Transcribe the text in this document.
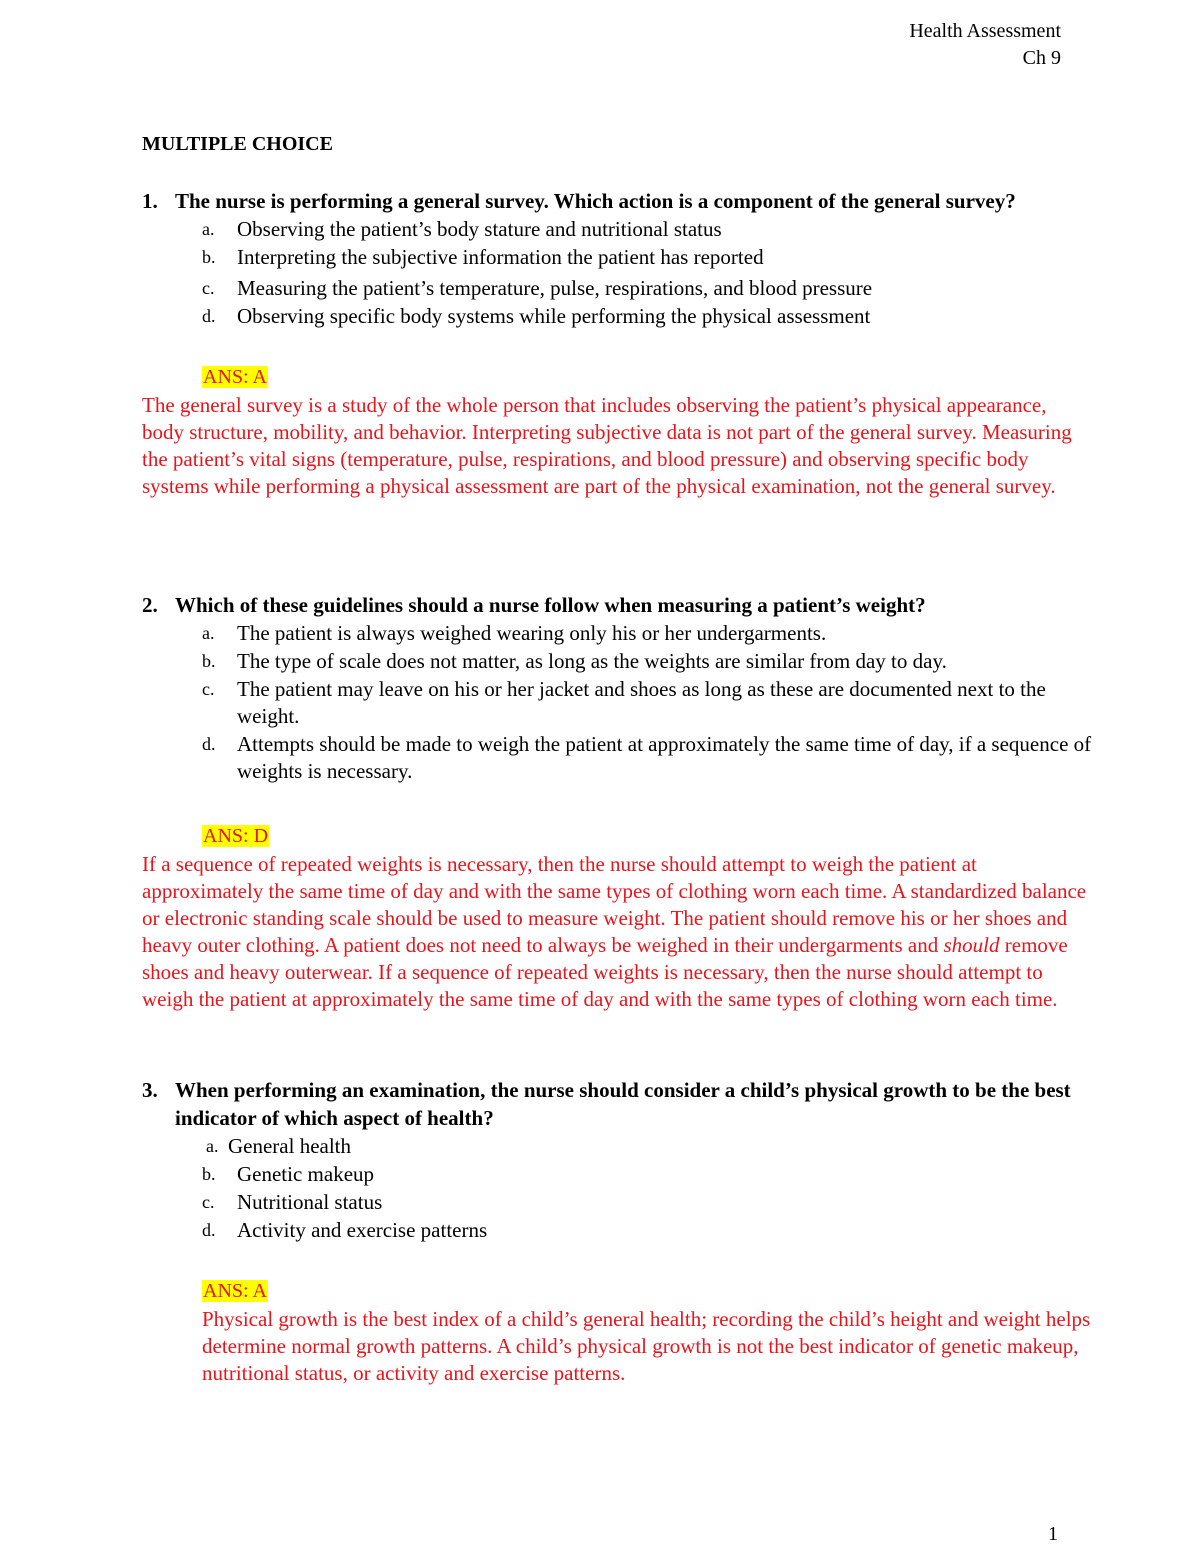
Health Assessment
Ch 9
MULTIPLE CHOICE
1. The nurse is performing a general survey. Which action is a component of the general survey?
a.	Observing the patient’s body stature and nutritional status
b.	Interpreting the subjective information the patient has reported
c.	Measuring the patient’s temperature, pulse, respirations, and blood pressure
d.	Observing specific body systems while performing the physical assessment
ANS: A

The general survey is a study of the whole person that includes observing the patient’s physical appearance, body structure, mobility, and behavior. Interpreting subjective data is not part of the general survey. Measuring the patient’s vital signs (temperature, pulse, respirations, and blood pressure) and observing specific body systems while performing a physical assessment are part of the physical examination, not the general survey.

2. Which of these guidelines should a nurse follow when measuring a patient’s weight?
a.	The patient is always weighed wearing only his or her undergarments.
b.	The type of scale does not matter, as long as the weights are similar from day to day.
c.	The patient may leave on his or her jacket and shoes as long as these are documented next to the weight.
d.	Attempts should be made to weigh the patient at approximately the same time of day, if a sequence of weights is necessary.
ANS: D

If a sequence of repeated weights is necessary, then the nurse should attempt to weigh the patient at approximately the same time of day and with the same types of clothing worn each time. A standardized balance or electronic standing scale should be used to measure weight. The patient should remove his or her shoes and heavy outer clothing. A patient does not need to always be weighed in their undergarments and should remove shoes and heavy outerwear. If a sequence of repeated weights is necessary, then the nurse should attempt to weigh the patient at approximately the same time of day and with the same types of clothing worn each time.

3. When performing an examination, the nurse should consider a child’s physical growth to be the best indicator of which aspect of health?
a. General health
b.	Genetic makeup
c.	Nutritional status
d.	Activity and exercise patterns
ANS: A

Physical growth is the best index of a child’s general health; recording the child’s height and weight helps determine normal growth patterns. A child’s physical growth is not the best indicator of genetic makeup, nutritional status, or activity and exercise patterns.

1
